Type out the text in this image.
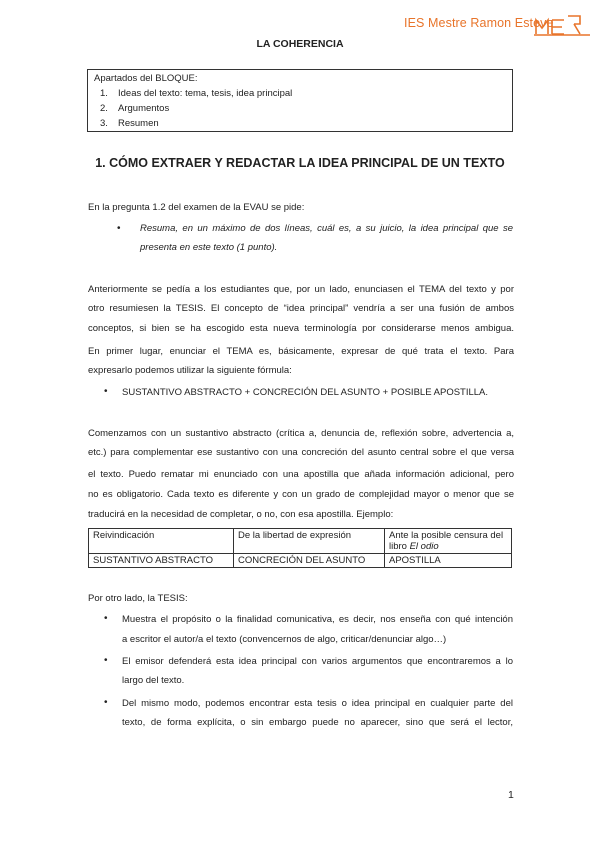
IES Mestre Ramon Esteve
LA COHERENCIA
Apartados del BLOQUE:
1. Ideas del texto: tema, tesis, idea principal
2. Argumentos
3. Resumen
1. CÓMO EXTRAER Y REDACTAR LA IDEA PRINCIPAL DE UN TEXTO
En la pregunta 1.2 del examen de la EVAU se pide:
• Resuma, en un máximo de dos líneas, cuál es, a su juicio, la idea principal que se
presenta en este texto (1 punto).
Anteriormente se pedía a los estudiantes que, por un lado, enunciasen el TEMA del texto y por
otro resumiesen la TESIS. El concepto de “idea principal” vendría a ser una fusión de ambos
conceptos, si bien se ha escogido esta nueva terminología por considerarse menos ambigua.
En primer lugar, enunciar el TEMA es, básicamente, expresar de qué trata el texto. Para
expresarlo podemos utilizar la siguiente fórmula:
• SUSTANTIVO ABSTRACTO + CONCRECIÓN DEL ASUNTO + POSIBLE APOSTILLA.
Comenzamos con un sustantivo abstracto (crítica a, denuncia de, reflexión sobre, advertencia a,
etc.) para complementar ese sustantivo con una concreción del asunto central sobre el que versa
el texto. Puedo rematar mi enunciado con una apostilla que añada información adicional, pero
no es obligatorio. Cada texto es diferente y con un grado de complejidad mayor o menor que se
traducirá en la necesidad de completar, o no, con esa apostilla. Ejemplo:
Reivindicación	De la libertad de expresión	Ante la posible censura del
libro El odio
SUSTANTIVO ABSTRACTO	CONCRECIÓN DEL ASUNTO	APOSTILLA
Por otro lado, la TESIS:
• Muestra el propósito o la finalidad comunicativa, es decir, nos enseña con qué intención
a escritor el autor/a el texto (convencernos de algo, criticar/denunciar algo…)
• El emisor defenderá esta idea principal con varios argumentos que encontraremos a lo
largo del texto.
• Del mismo modo, podemos encontrar esta tesis o idea principal en cualquier parte del
texto, de forma explícita, o sin embargo puede no aparecer, sino que será el lector,
1
